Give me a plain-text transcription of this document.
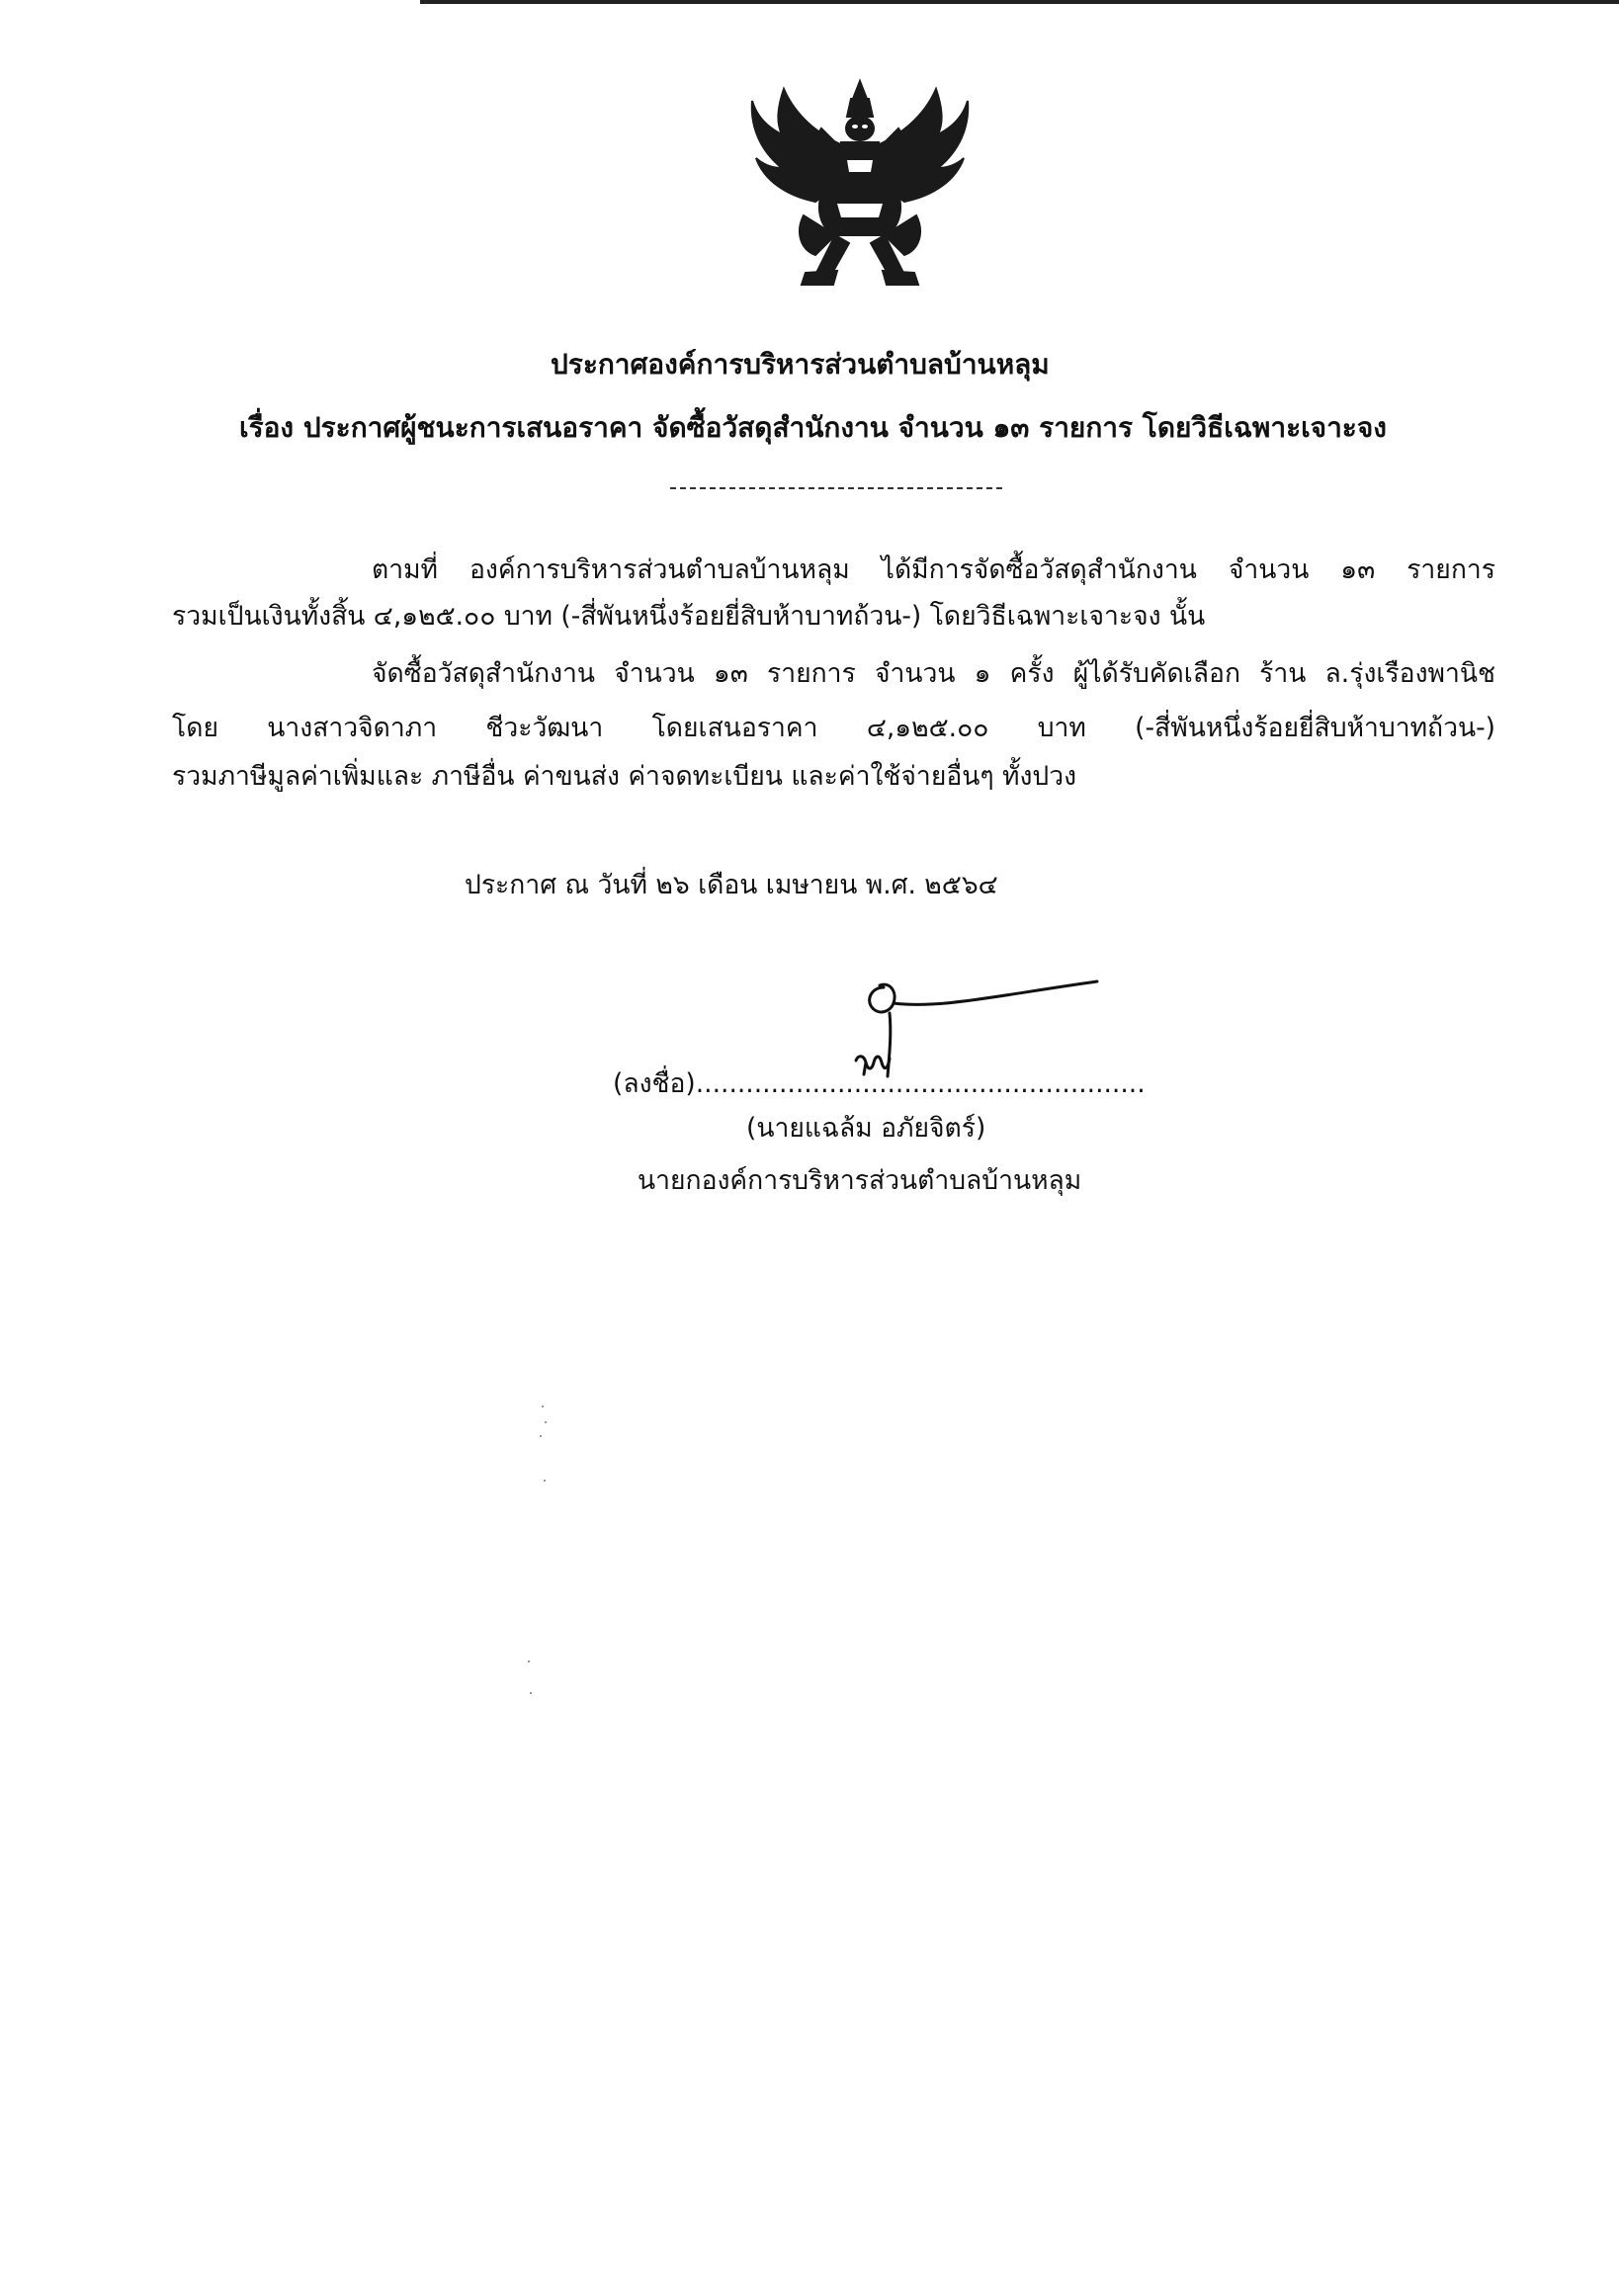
ประกาศองค์การบริหารส่วนตำบลบ้านหลุม
เรื่อง ประกาศผู้ชนะการเสนอราคา จัดซื้อวัสดุสำนักงาน จำนวน ๑๓ รายการ โดยวิธีเฉพาะเจาะจง
ตามที่ องค์การบริหารส่วนตำบลบ้านหลุม ได้มีการจัดซื้อวัสดุสำนักงาน จำนวน ๑๓ รายการ
รวมเป็นเงินทั้งสิ้น ๔,๑๒๕.๐๐ บาท (-สี่พันหนึ่งร้อยยี่สิบห้าบาทถ้วน-) โดยวิธีเฉพาะเจาะจง นั้น
จัดซื้อวัสดุสำนักงาน จำนวน ๑๓ รายการ จำนวน ๑ ครั้ง ผู้ได้รับคัดเลือก ร้าน ล.รุ่งเรืองพานิช
โดย นางสาวจิดาภา ชีวะวัฒนา โดยเสนอราคา ๔,๑๒๕.๐๐ บาท (-สี่พันหนึ่งร้อยยี่สิบห้าบาทถ้วน-)
รวมภาษีมูลค่าเพิ่มและ ภาษีอื่น ค่าขนส่ง ค่าจดทะเบียน และค่าใช้จ่ายอื่นๆ ทั้งปวง
ประกาศ ณ วันที่ ๒๖ เดือน เมษายน พ.ศ. ๒๕๖๔
(ลงชื่อ)......................................................
(นายแฉล้ม อภัยจิตร์)
นายกองค์การบริหารส่วนตำบลบ้านหลุม
